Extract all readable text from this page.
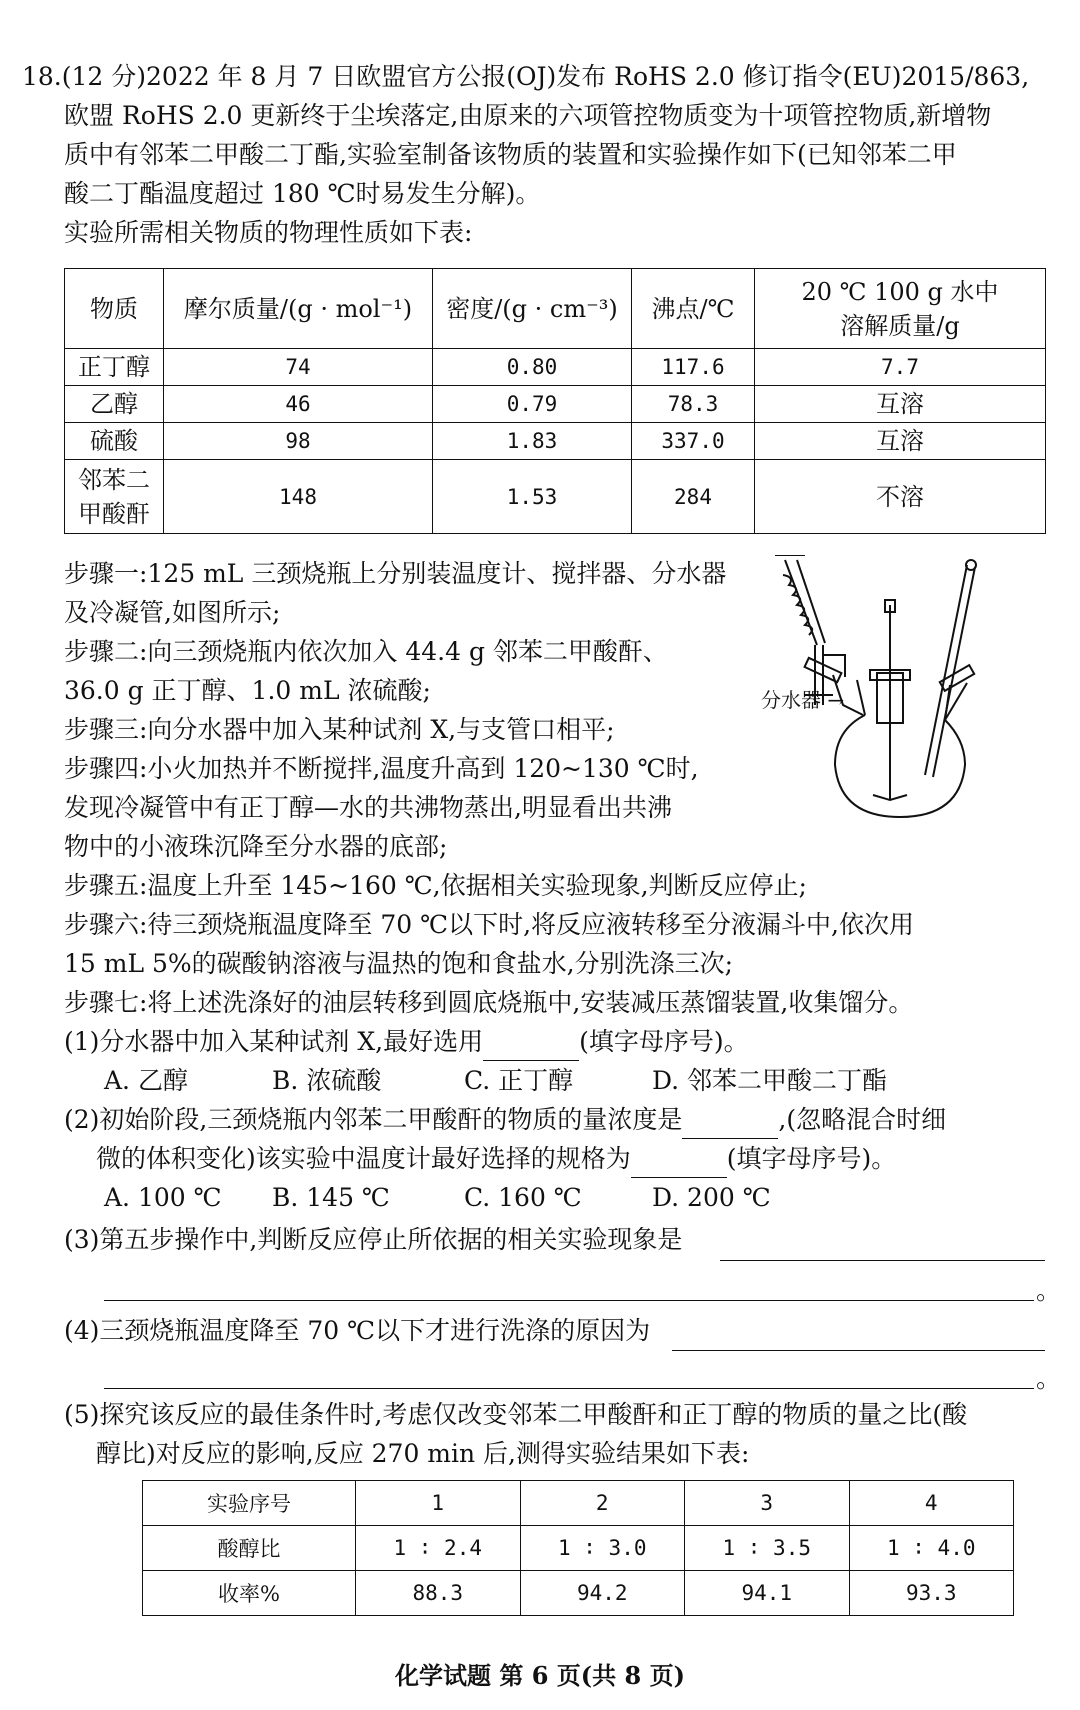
18.(12 分)2022 年 8 月 7 日欧盟官方公报(OJ)发布 RoHS 2.0 修订指令(EU)2015/863,
欧盟 RoHS 2.0 更新终于尘埃落定,由原来的六项管控物质变为十项管控物质,新增物
质中有邻苯二甲酸二丁酯,实验室制备该物质的装置和实验操作如下(已知邻苯二甲
酸二丁酯温度超过 180 ℃时易发生分解)。
实验所需相关物质的物理性质如下表:
物质	摩尔质量/(g · mol⁻¹)	密度/(g · cm⁻³)	沸点/℃	20 ℃ 100 g 水中
溶解质量/g

正丁醇	74	0.80	117.6	7.7
乙醇	46	0.79	78.3	互溶
硫酸	98	1.83	337.0	互溶

邻苯二
甲酸酐	148	1.53	284	不溶
步骤一:125 mL 三颈烧瓶上分别装温度计、搅拌器、分水器
及冷凝管,如图所示;
步骤二:向三颈烧瓶内依次加入 44.4 g 邻苯二甲酸酐、
36.0 g 正丁醇、1.0 mL 浓硫酸;
步骤三:向分水器中加入某种试剂 X,与支管口相平;
步骤四:小火加热并不断搅拌,温度升高到 120~130 ℃时,
发现冷凝管中有正丁醇—水的共沸物蒸出,明显看出共沸
物中的小液珠沉降至分水器的底部;
步骤五:温度上升至 145~160 ℃,依据相关实验现象,判断反应停止;
步骤六:待三颈烧瓶温度降至 70 ℃以下时,将反应液转移至分液漏斗中,依次用
15 mL 5%的碳酸钠溶液与温热的饱和食盐水,分别洗涤三次;
步骤七:将上述洗涤好的油层转移到圆底烧瓶中,安装减压蒸馏装置,收集馏分。
分水器 →
(1)分水器中加入某种试剂 X,最好选用	(填字母序号)。
A. 乙醇	B. 浓硫酸	C. 正丁醇	D. 邻苯二甲酸二丁酯
(2)初始阶段,三颈烧瓶内邻苯二甲酸酐的物质的量浓度是	,(忽略混合时细
微的体积变化)该实验中温度计最好选择的规格为	(填字母序号)。
A. 100 ℃ B. 145 ℃	C. 160 ℃	D. 200 ℃
(3)第五步操作中,判断反应停止所依据的相关实验现象是
。
(4)三颈烧瓶温度降至 70 ℃以下才进行洗涤的原因为
。
(5)探究该反应的最佳条件时,考虑仅改变邻苯二甲酸酐和正丁醇的物质的量之比(酸
实验序号	1	2	3	4
酸醇比	1 ∶ 2.4	1 ∶ 3.0	1 ∶ 3.5	1 ∶ 4.0
收率%	88.3	94.2	94.1	93.3
醇比)对反应的影响,反应 270 min 后,测得实验结果如下表:
化学试题 第 6 页(共 8 页)
